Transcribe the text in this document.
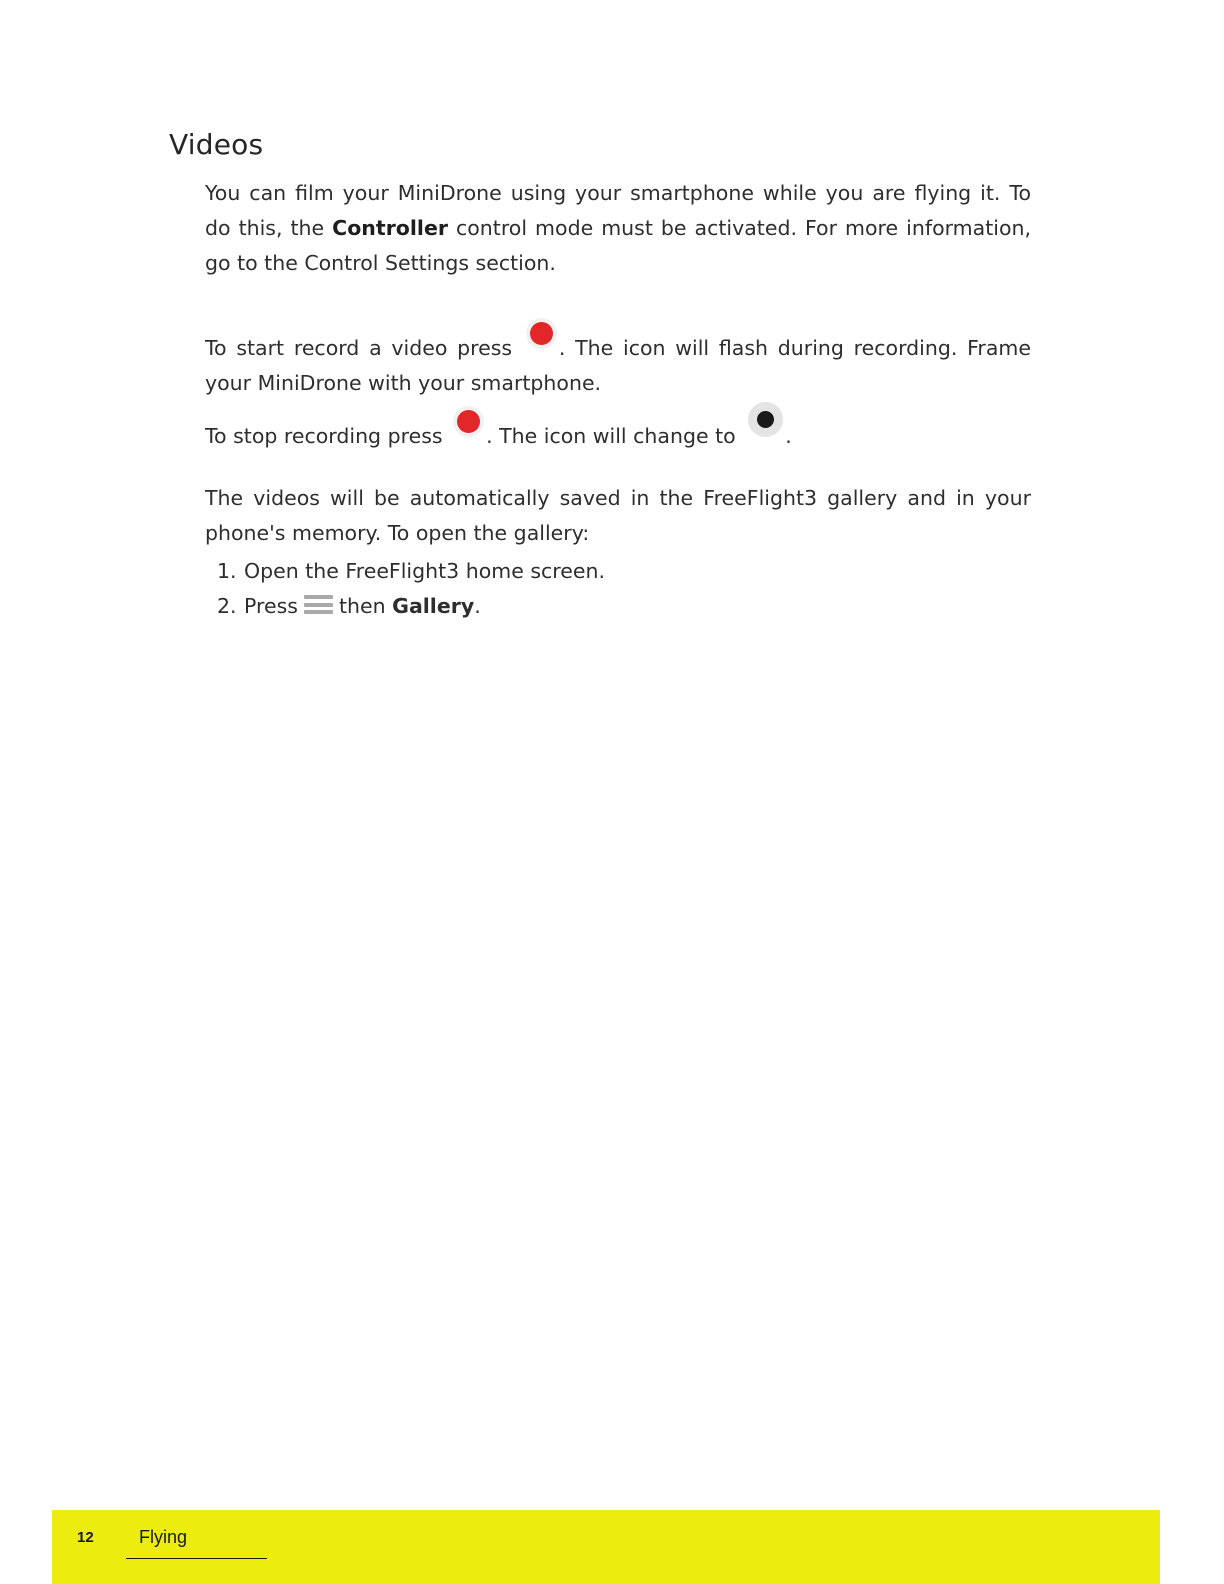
Videos

You can film your MiniDrone using your smartphone while you are flying it. To do this, the Controller control mode must be activated. For more information, go to the Control Settings section.

To start record a video press . The icon will flash during recording. Frame your MiniDrone with your smartphone.

To stop recording press . The icon will change to .

The videos will be automatically saved in the FreeFlight3 gallery and in your phone's memory. To open the gallery:

1. Open the FreeFlight3 home screen.
2. Press then
Gallery .
12	Flying
